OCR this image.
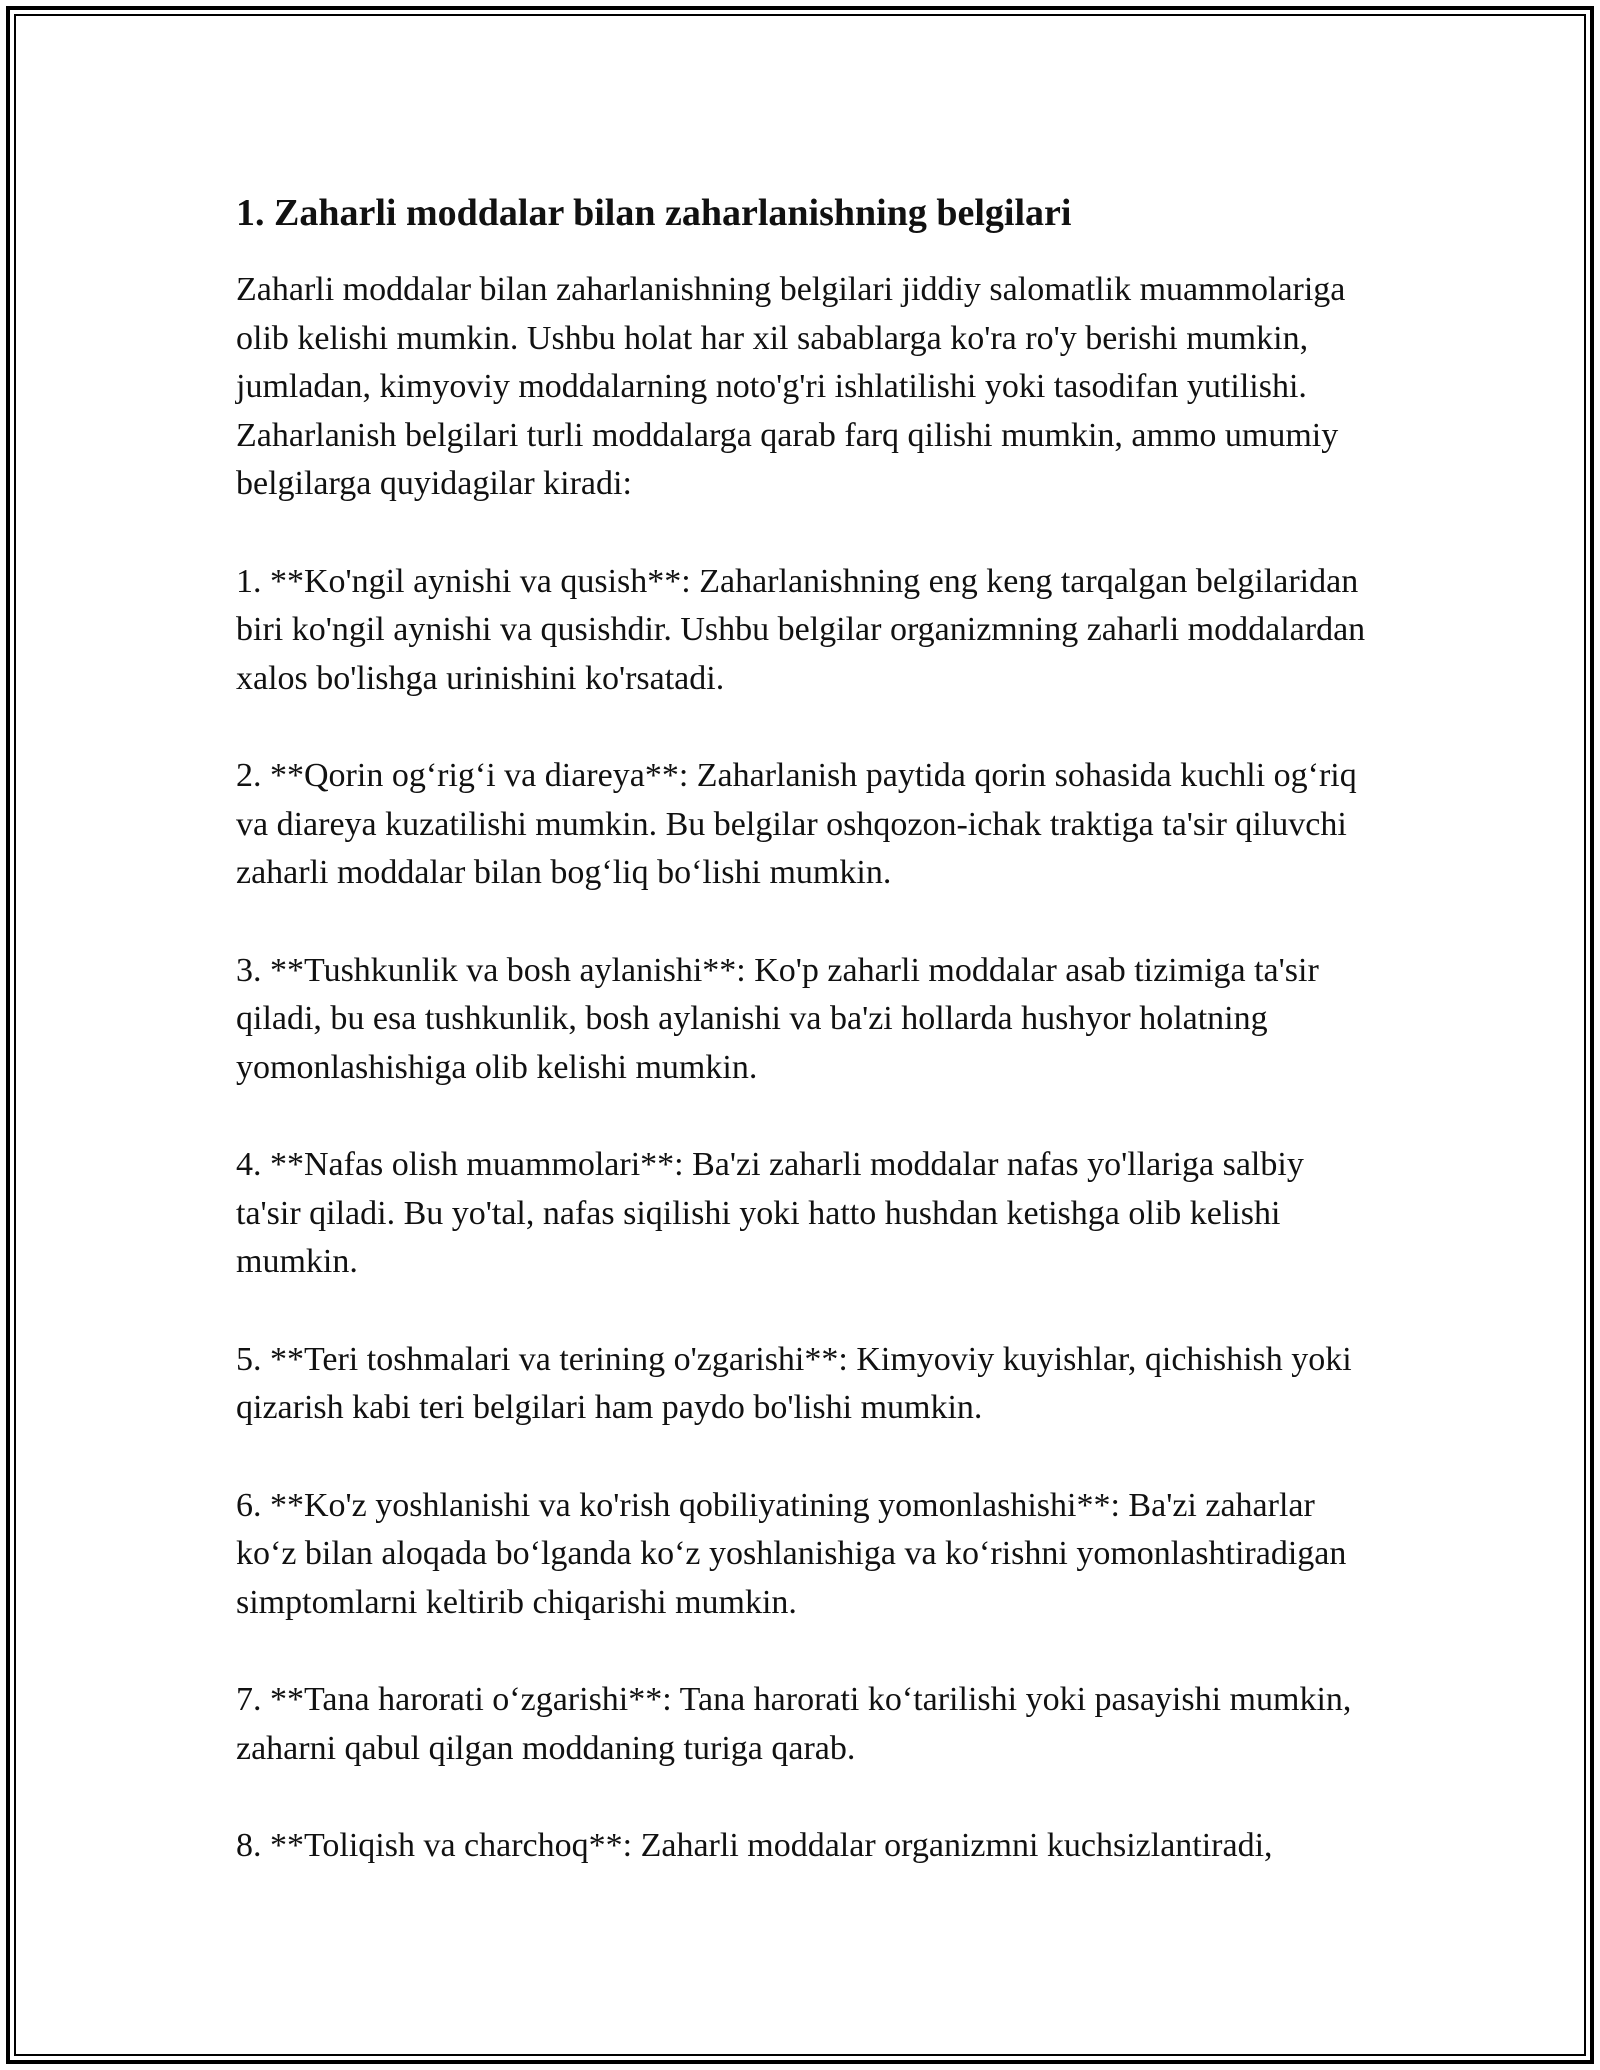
1. Zaharli moddalar bilan zaharlanishning belgilari

Zaharli moddalar bilan zaharlanishning belgilari jiddiy salomatlik muammolariga olib kelishi mumkin. Ushbu holat har xil sabablarga ko'ra ro'y berishi mumkin, jumladan, kimyoviy moddalarning noto'g'ri ishlatilishi yoki tasodifan yutilishi. Zaharlanish belgilari turli moddalarga qarab farq qilishi mumkin, ammo umumiy belgilarga quyidagilar kiradi:

1. **Ko'ngil aynishi va qusish**: Zaharlanishning eng keng tarqalgan belgilaridan biri ko'ngil aynishi va qusishdir. Ushbu belgilar organizmning zaharli moddalardan xalos bo'lishga urinishini ko'rsatadi.

2. **Qorin og‘rig‘i va diareya**: Zaharlanish paytida qorin sohasida kuchli og‘riq va diareya kuzatilishi mumkin. Bu belgilar oshqozon-ichak traktiga ta'sir qiluvchi zaharli moddalar bilan bog‘liq bo‘lishi mumkin.

3. **Tushkunlik va bosh aylanishi**: Ko'p zaharli moddalar asab tizimiga ta'sir qiladi, bu esa tushkunlik, bosh aylanishi va ba'zi hollarda hushyor holatning yomonlashishiga olib kelishi mumkin.

4. **Nafas olish muammolari**: Ba'zi zaharli moddalar nafas yo'llariga salbiy ta'sir qiladi. Bu yo'tal, nafas siqilishi yoki hatto hushdan ketishga olib kelishi mumkin.

5. **Teri toshmalari va terining o'zgarishi**: Kimyoviy kuyishlar, qichishish yoki qizarish kabi teri belgilari ham paydo bo'lishi mumkin.

6. **Ko'z yoshlanishi va ko'rish qobiliyatining yomonlashishi**: Ba'zi zaharlar ko‘z bilan aloqada bo‘lganda ko‘z yoshlanishiga va ko‘rishni yomonlashtiradigan simptomlarni keltirib chiqarishi mumkin.

7. **Tana harorati o‘zgarishi**: Tana harorati ko‘tarilishi yoki pasayishi mumkin, zaharni qabul qilgan moddaning turiga qarab.

8. **Toliqish va charchoq**: Zaharli moddalar organizmni kuchsizlantiradi,
